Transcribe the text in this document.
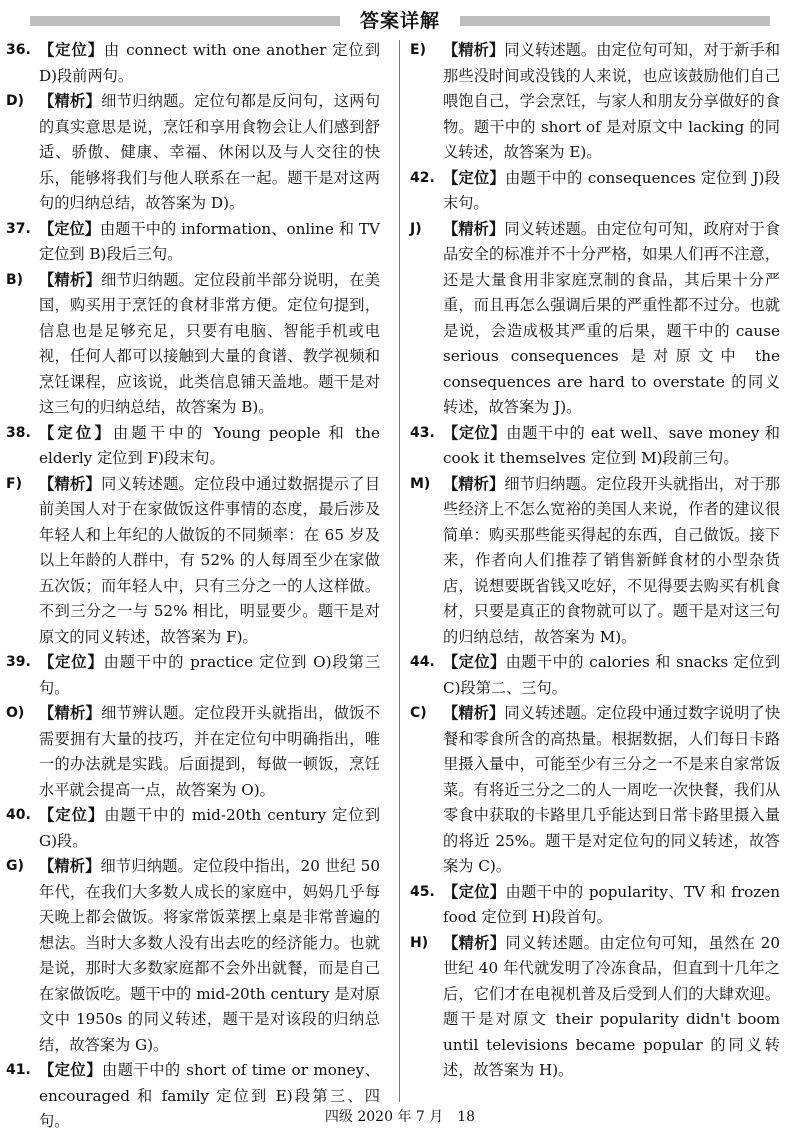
答案详解
36. 【定位】由 connect with one another 定位到 D)段前两句。
D) 【精析】细节归纳题。定位句都是反问句，这两句的真实意思是说，烹饪和享用食物会让人们感到舒适、骄傲、健康、幸福、休闲以及与人交往的快乐，能够将我们与他人联系在一起。题干是对这两句的归纳总结，故答案为 D)。
37. 【定位】由题干中的 information、online 和 TV 定位到 B)段后三句。
B)	【精析】细节归纳题。定位段前半部分说明，在美国，购买用于烹饪的食材非常方便。定位句提到，信息也是足够充足，只要有电脑、智能手机或电视，任何人都可以接触到大量的食谱、教学视频和烹饪课程，应该说，此类信息铺天盖地。题干是对这三句的归纳总结，故答案为 B)。
38. 【定位】由题干中的 Young people 和 the elderly 定位到 F)段末句。
F)	【精析】同义转述题。定位段中通过数据提示了目前美国人对于在家做饭这件事情的态度，最后涉及年轻人和上年纪的人做饭的不同频率：在 65 岁及以上年龄的人群中，有 52% 的人每周至少在家做五次饭；而年轻人中，只有三分之一的人这样做。不到三分之一与 52% 相比，明显要少。题干是对原文的同义转述，故答案为 F)。
39. 【定位】由题干中的 practice 定位到 O)段第三句。
O) 【精析】细节辨认题。定位段开头就指出，做饭不需要拥有大量的技巧，并在定位句中明确指出，唯一的办法就是实践。后面提到，每做一顿饭，烹饪水平就会提高一点，故答案为 O)。
40. 【定位】由题干中的 mid-20th century 定位到 G)段。
G) 【精析】细节归纳题。定位段中指出，20 世纪 50 年代，在我们大多数人成长的家庭中，妈妈几乎每天晚上都会做饭。将家常饭菜摆上桌是非常普遍的想法。当时大多数人没有出去吃的经济能力。也就是说，那时大多数家庭都不会外出就餐，而是自己在家做饭吃。题干中的 mid-20th century 是对原文中 1950s 的同义转述，题干是对该段的归纳总结，故答案为 G)。
41. 【定位】由题干中的 short of time or money、encouraged 和 family 定位到 E)段第三、四句。
E)	【精析】同义转述题。由定位句可知，对于新手和那些没时间或没钱的人来说，也应该鼓励他们自己喂饱自己，学会烹饪，与家人和朋友分享做好的食物。题干中的 short of 是对原文中 lacking 的同义转述，故答案为 E)。
42. 【定位】由题干中的 consequences 定位到 J)段末句。
J)	【精析】同义转述题。由定位句可知，政府对于食品安全的标准并不十分严格，如果人们再不注意，还是大量食用非家庭烹制的食品，其后果十分严重，而且再怎么强调后果的严重性都不过分。也就是说，会造成极其严重的后果，题干中的 cause serious consequences 是对原文中 the consequences are hard to overstate 的同义转述，故答案为 J)。
43. 【定位】由题干中的 eat well、save money 和 cook it themselves 定位到 M)段前三句。
M) 【精析】细节归纳题。定位段开头就指出，对于那些经济上不怎么宽裕的美国人来说，作者的建议很简单：购买那些能买得起的东西，自己做饭。接下来，作者向人们推荐了销售新鲜食材的小型杂货店，说想要既省钱又吃好，不见得要去购买有机食材，只要是真正的食物就可以了。题干是对这三句的归纳总结，故答案为 M)。
44. 【定位】由题干中的 calories 和 snacks 定位到 C)段第二、三句。
C)	【精析】同义转述题。定位段中通过数字说明了快餐和零食所含的高热量。根据数据，人们每日卡路里摄入量中，可能至少有三分之一不是来自家常饭菜。有将近三分之二的人一周吃一次快餐，我们从零食中获取的卡路里几乎能达到日常卡路里摄入量的将近 25%。题干是对定位句的同义转述，故答案为 C)。
45. 【定位】由题干中的 popularity、TV 和 frozen food 定位到 H)段首句。
H) 【精析】同义转述题。由定位句可知，虽然在 20 世纪 40 年代就发明了冷冻食品，但直到十几年之后，它们才在电视机普及后受到人们的大肆欢迎。题干是对原文 their popularity didn't boom until televisions became popular 的同义转述，故答案为 H)。
四级 2020 年 7 月　18
